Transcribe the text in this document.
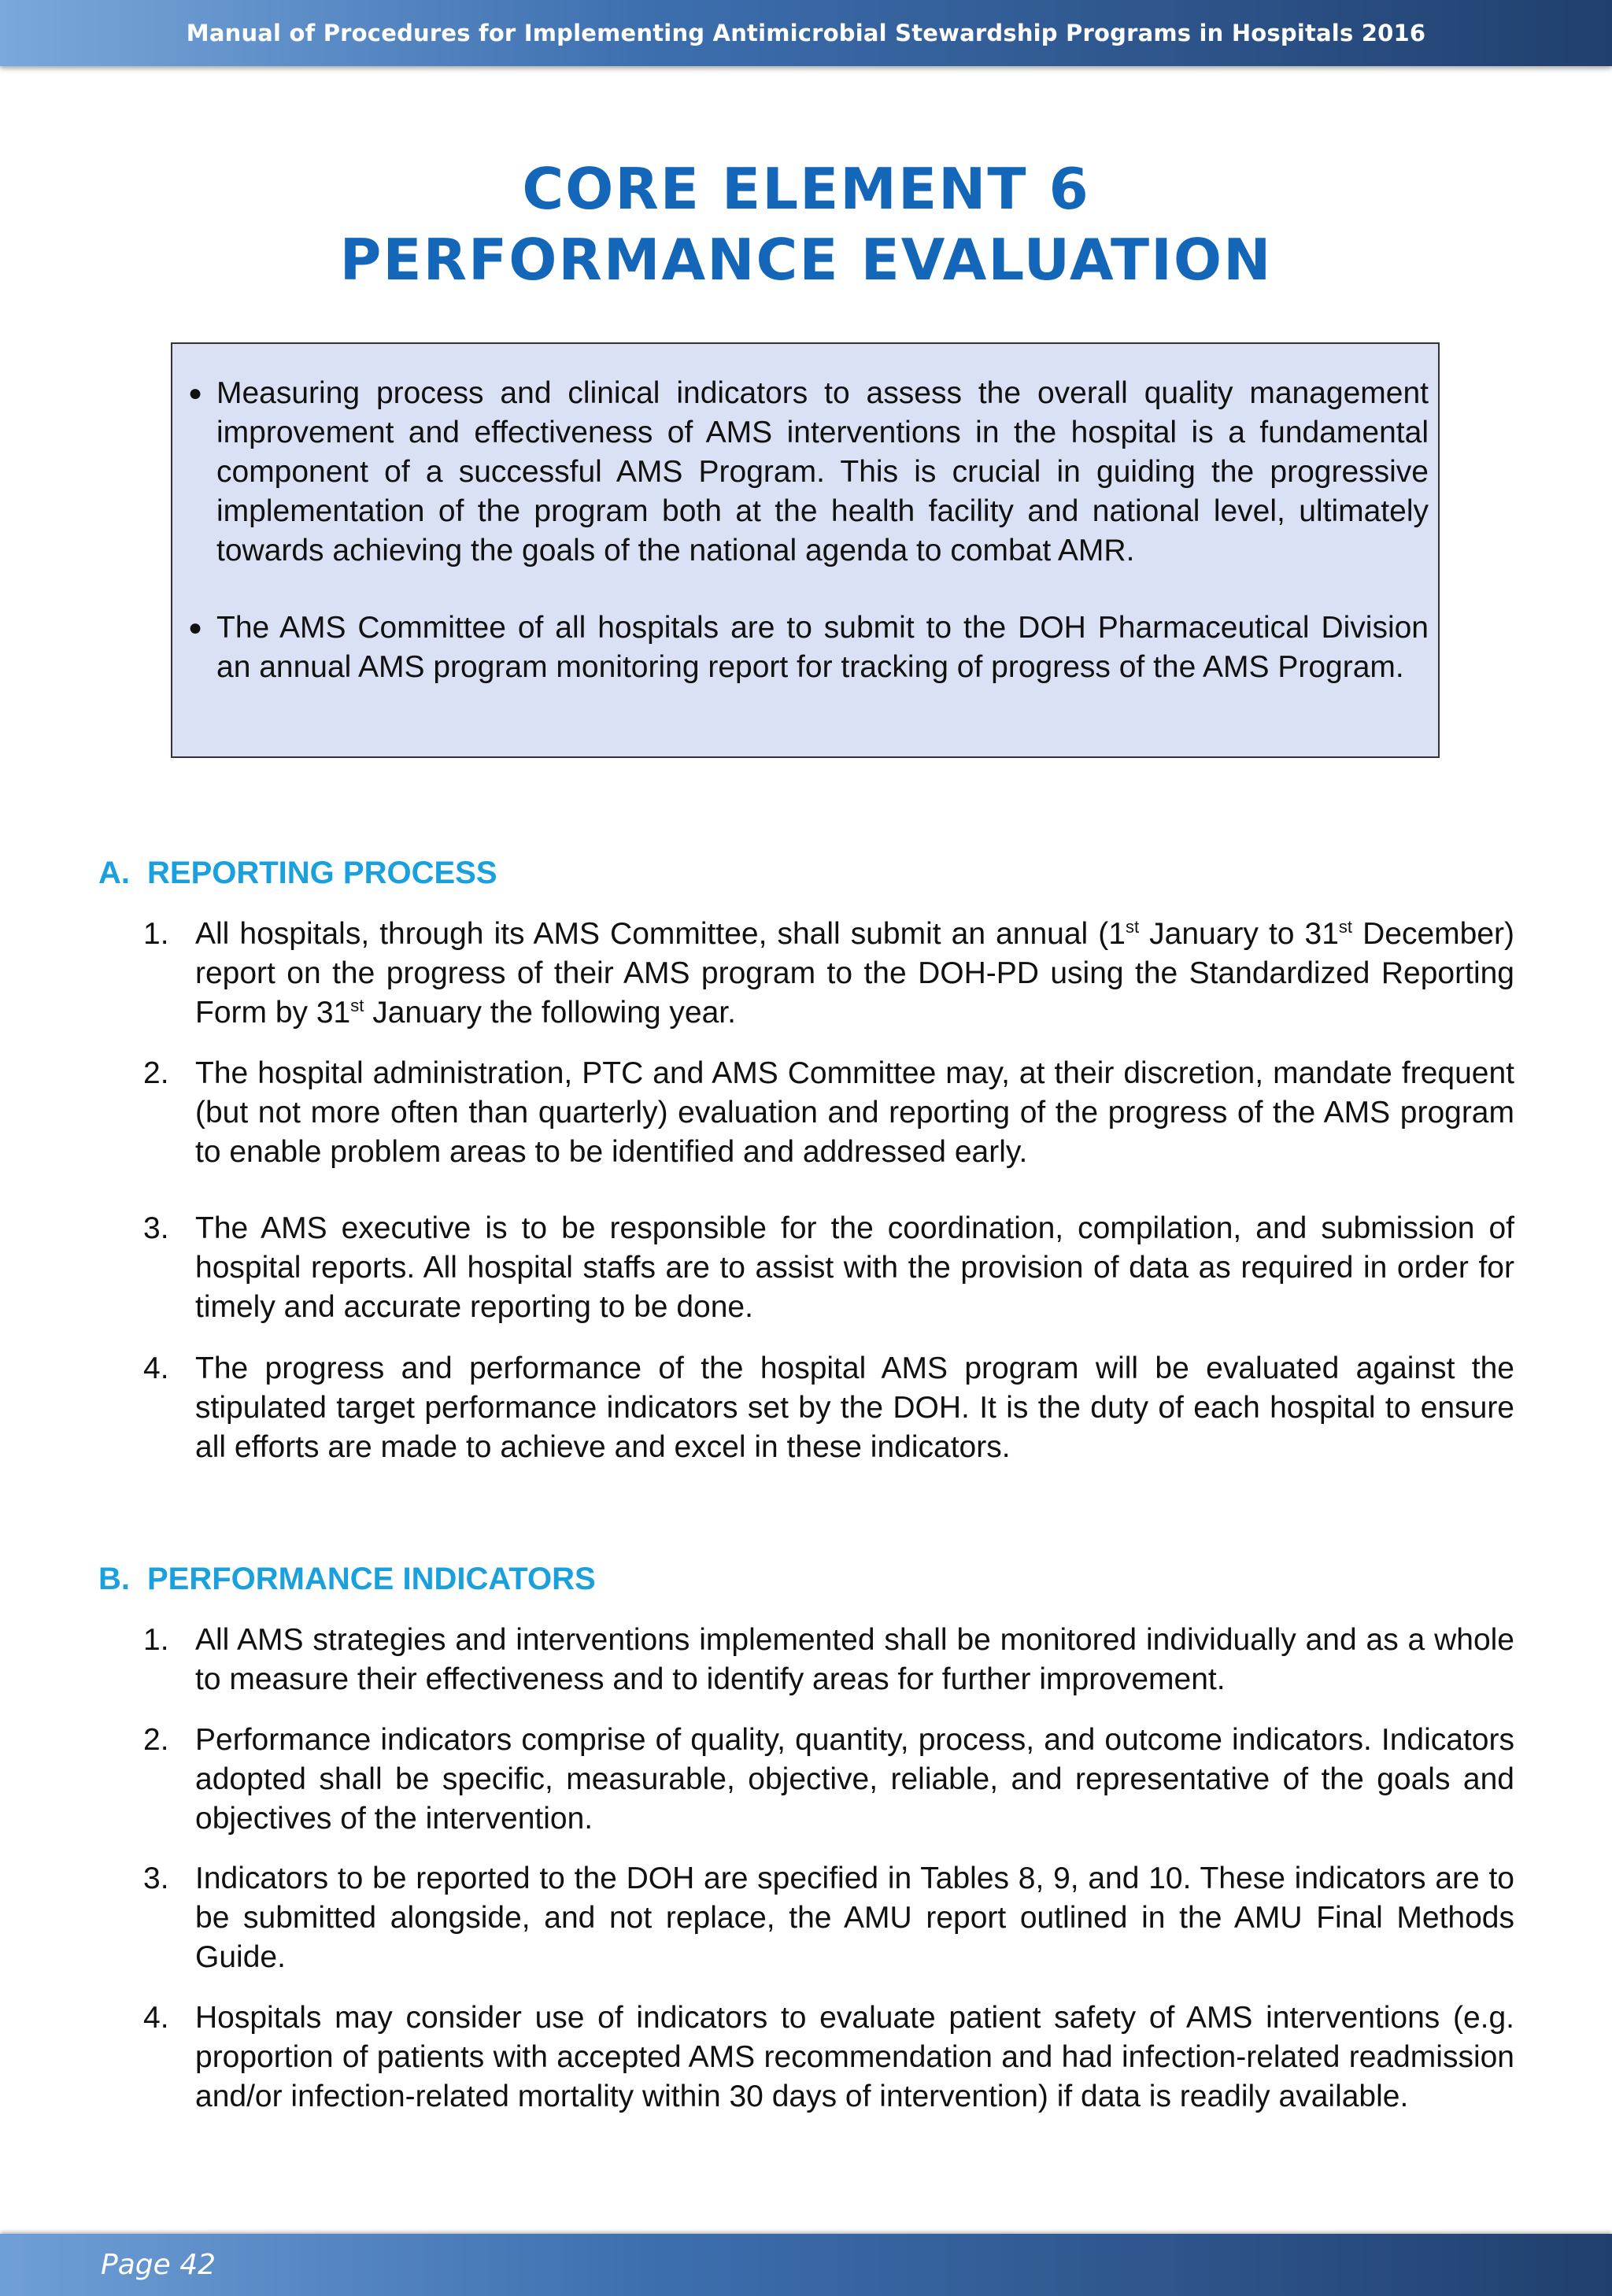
Manual of Procedures for Implementing Antimicrobial Stewardship Programs in Hospitals 2016
CORE ELEMENT 6
PERFORMANCE EVALUATION
● Measuring process and clinical indicators to assess the overall quality management improvement and effectiveness of AMS interventions in the hospital is a fundamental component of a successful AMS Program. This is crucial in guiding the progressive implementation of the program both at the health facility and national level, ultimately towards achieving the goals of the national agenda to combat AMR.
● The AMS Committee of all hospitals are to submit to the DOH Pharmaceutical Division an annual AMS program monitoring report for tracking of progress of the AMS Program.
A. REPORTING PROCESS
1. All hospitals, through its AMS Committee, shall submit an annual (1st January to 31st December) report on the progress of their AMS program to the DOH-PD using the Standardized Reporting Form by 31st January the following year.
2. The hospital administration, PTC and AMS Committee may, at their discretion, mandate frequent (but not more often than quarterly) evaluation and reporting of the progress of the AMS program to enable problem areas to be identified and addressed early.
3. The AMS executive is to be responsible for the coordination, compilation, and submission of hospital reports. All hospital staffs are to assist with the provision of data as required in order for timely and accurate reporting to be done.
4. The progress and performance of the hospital AMS program will be evaluated against the stipulated target performance indicators set by the DOH. It is the duty of each hospital to ensure all efforts are made to achieve and excel in these indicators.
B. PERFORMANCE INDICATORS
1. All AMS strategies and interventions implemented shall be monitored individually and as a whole to measure their effectiveness and to identify areas for further improvement.
2. Performance indicators comprise of quality, quantity, process, and outcome indicators. Indicators adopted shall be specific, measurable, objective, reliable, and representative of the goals and objectives of the intervention.
3. Indicators to be reported to the DOH are specified in Tables 8, 9, and 10. These indicators are to be submitted alongside, and not replace, the AMU report outlined in the AMU Final Methods Guide.
4. Hospitals may consider use of indicators to evaluate patient safety of AMS interventions (e.g. proportion of patients with accepted AMS recommendation and had infection-related readmission and/or infection-related mortality within 30 days of intervention) if data is readily available.
Page 42
